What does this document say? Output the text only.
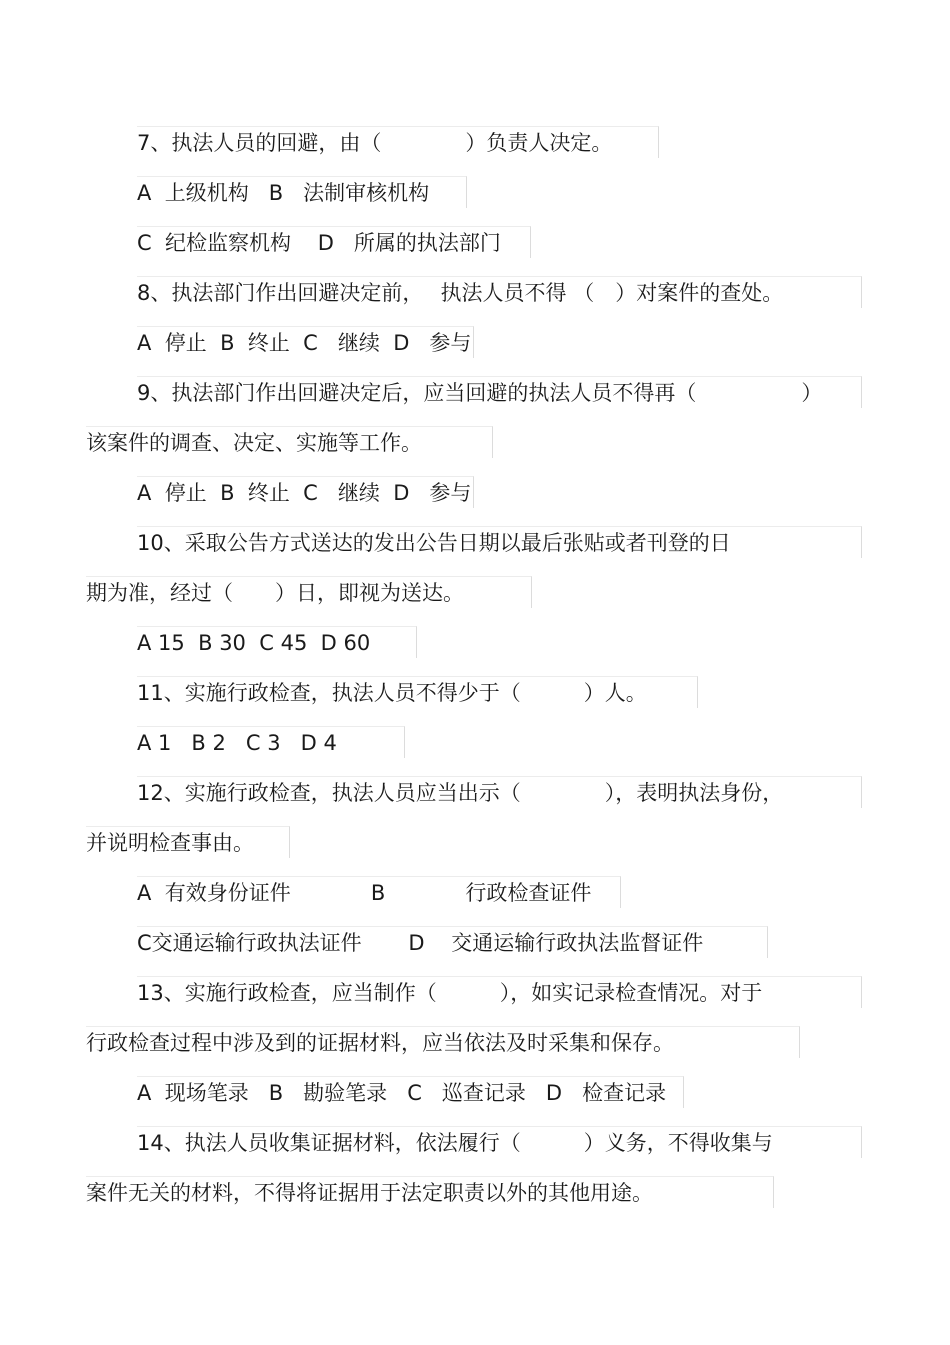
7、执法人员的回避，由（　　　　）负责人决定。
A  上级机构   B   法制审核机构
C  纪检监察机构    D   所属的执法部门
8、执法部门作出回避决定前，　 执法人员不得 （　）对案件的查处。
A  停止  B  终止  C   继续  D   参与
9、执法部门作出回避决定后，应当回避的执法人员不得再（　　　　　）
该案件的调查、决定、实施等工作。
A  停止  B  终止  C   继续  D   参与
10、采取公告方式送达的发出公告日期以最后张贴或者刊登的日
期为准，经过（　　）日，即视为送达。
A 15  B 30  C 45  D 60
11、实施行政检查，执法人员不得少于（　　　）人。
A 1   B 2   C 3   D 4
12、实施行政检查，执法人员应当出示（　　　　），表明执法身份，
并说明检查事由。
A  有效身份证件            B            行政检查证件
C交通运输行政执法证件       D    交通运输行政执法监督证件
13、实施行政检查，应当制作（　　　），如实记录检查情况。对于
行政检查过程中涉及到的证据材料，应当依法及时采集和保存。
A  现场笔录   B   勘验笔录   C   巡查记录   D   检查记录
14、执法人员收集证据材料，依法履行（　　　）义务，不得收集与
案件无关的材料，不得将证据用于法定职责以外的其他用途。
